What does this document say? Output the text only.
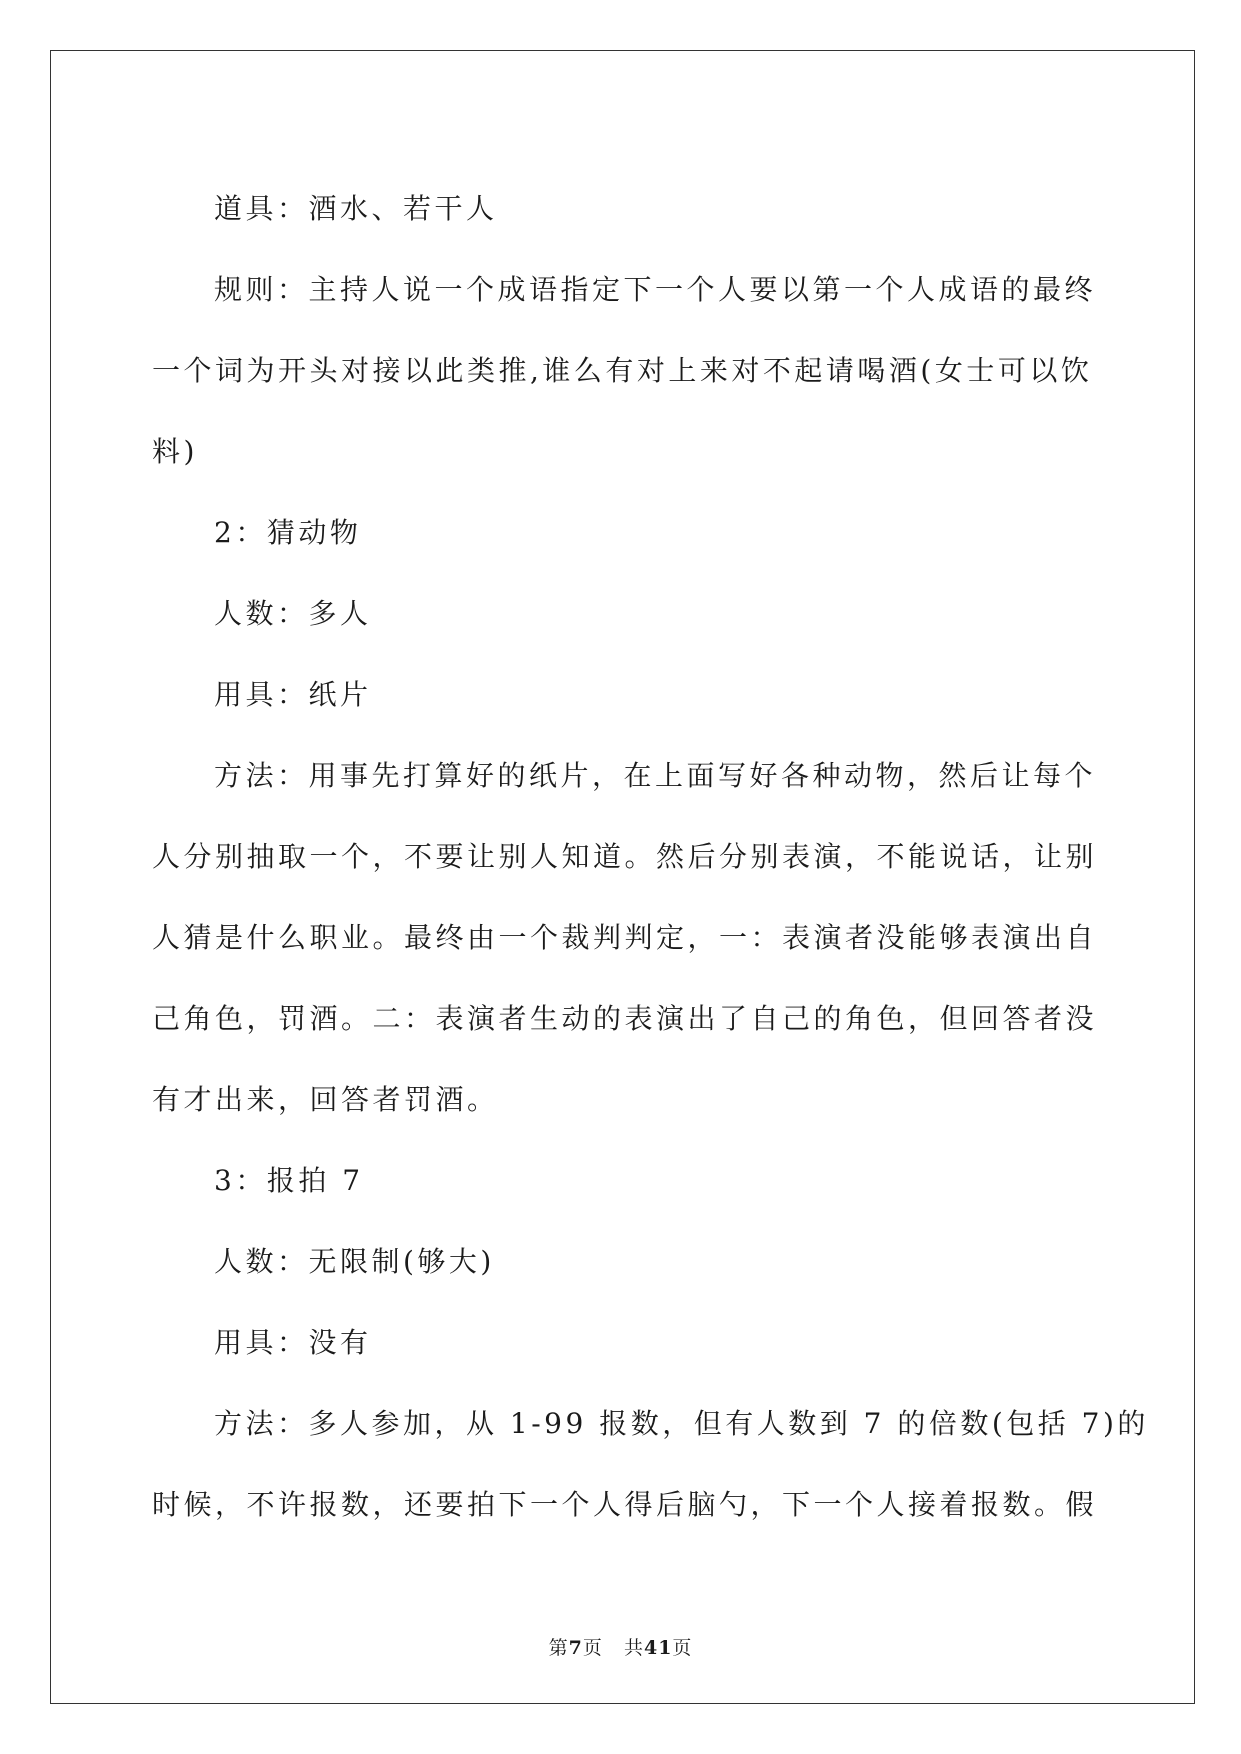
道具：酒水、若干人

规则：主持人说一个成语指定下一个人要以第一个人成语的最终
一个词为开头对接以此类推,谁么有对上来对不起请喝酒(女士可以饮
料)

2：猜动物

人数：多人

用具：纸片

方法：用事先打算好的纸片，在上面写好各种动物，然后让每个
人分别抽取一个，不要让别人知道。然后分别表演，不能说话，让别
人猜是什么职业。最终由一个裁判判定，一：表演者没能够表演出自
己角色，罚酒。二：表演者生动的表演出了自己的角色，但回答者没
有才出来，回答者罚酒。

3：报拍 7

人数：无限制(够大)

用具：没有

方法：多人参加，从 1-99 报数，但有人数到 7 的倍数(包括 7)的
时候，不许报数，还要拍下一个人得后脑勺，下一个人接着报数。假

第7页 共41页
